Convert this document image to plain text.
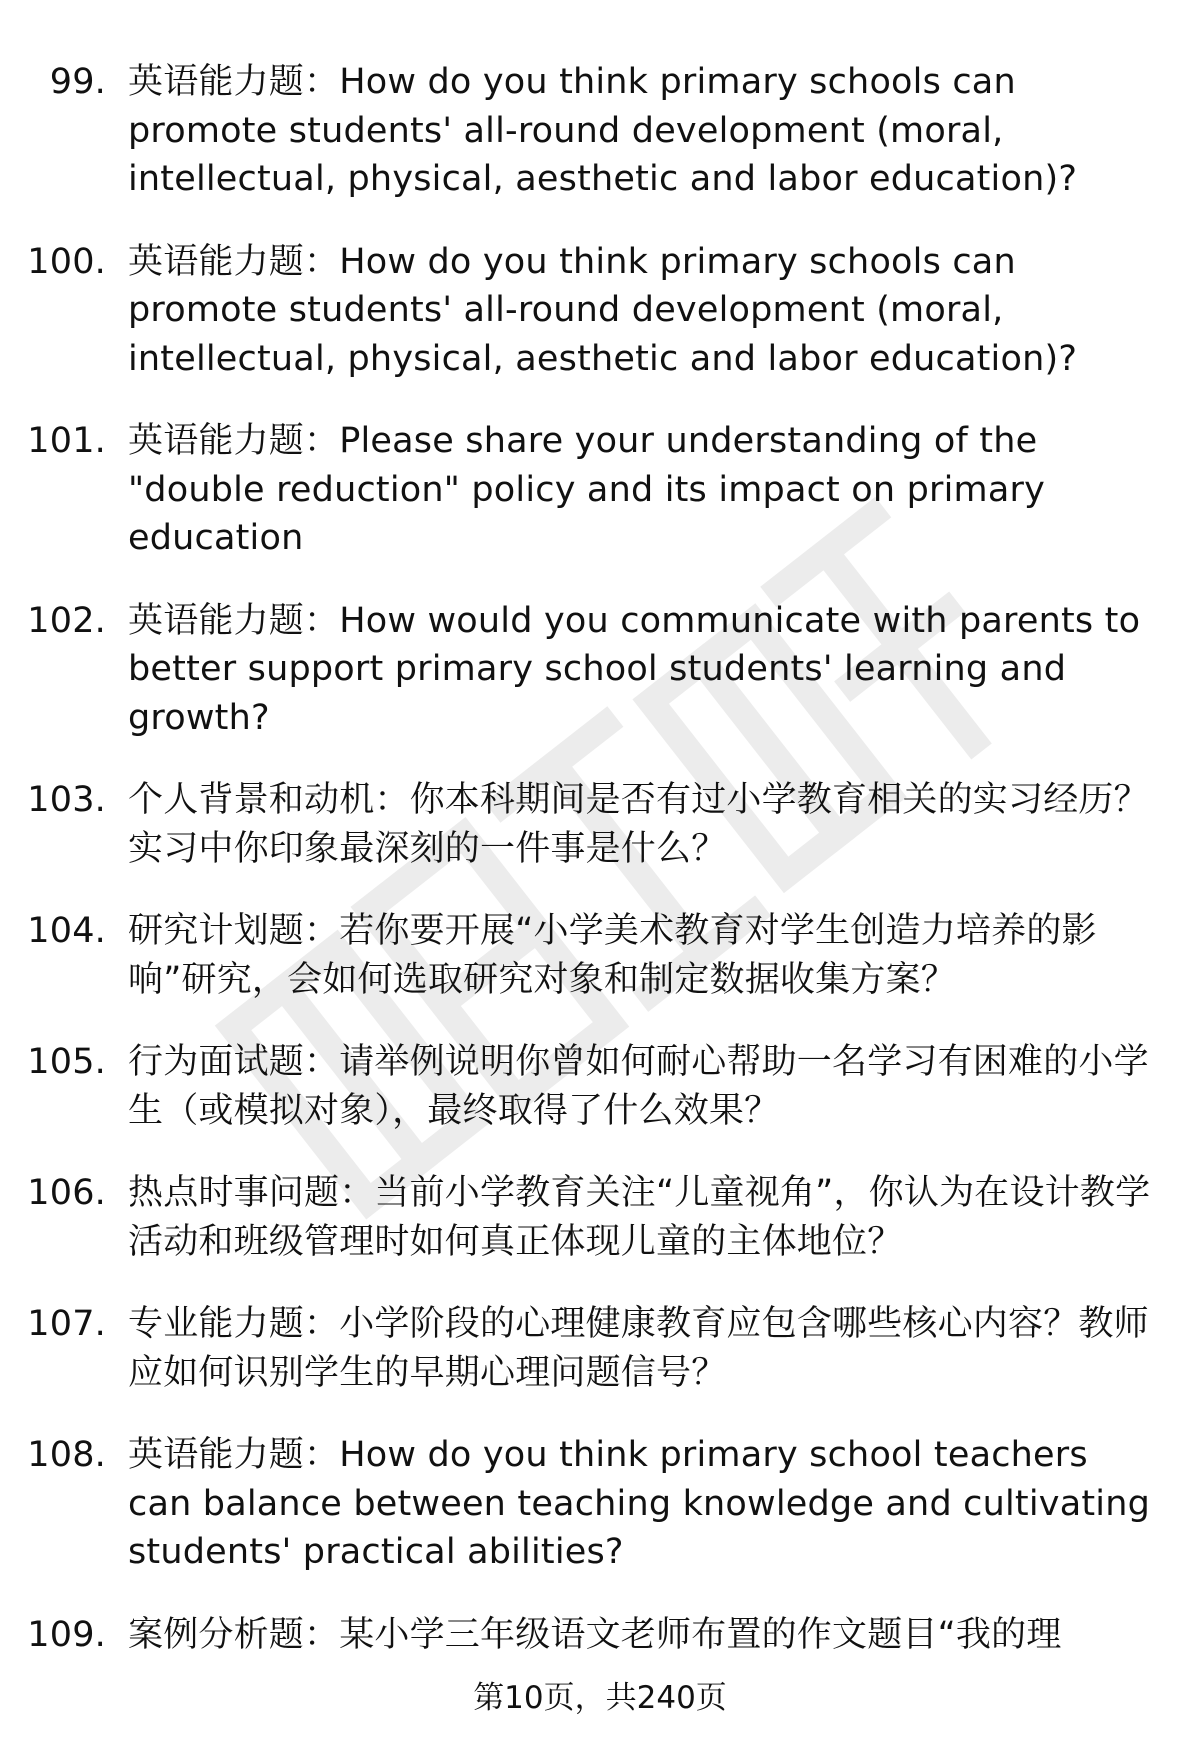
99. 英语能力题：How do you think primary schools can promote students' all-round development (moral, intellectual, physical, aesthetic and labor education)?
100. 英语能力题：How do you think primary schools can promote students' all-round development (moral, intellectual, physical, aesthetic and labor education)?
101. 英语能力题：Please share your understanding of the "double reduction" policy and its impact on primary education
102. 英语能力题：How would you communicate with parents to better support primary school students' learning and growth?
103. 个人背景和动机：你本科期间是否有过小学教育相关的实习经历？实习中你印象最深刻的一件事是什么？
104. 研究计划题：若你要开展“小学美术教育对学生创造力培养的影响”研究，会如何选取研究对象和制定数据收集方案？
105. 行为面试题：请举例说明你曾如何耐心帮助一名学习有困难的小学生（或模拟对象），最终取得了什么效果？
106. 热点时事问题：当前小学教育关注“儿童视角”，你认为在设计教学活动和班级管理时如何真正体现儿童的主体地位？
107. 专业能力题：小学阶段的心理健康教育应包含哪些核心内容？教师应如何识别学生的早期心理问题信号？
108. 英语能力题：How do you think primary school teachers can balance between teaching knowledge and cultivating students' practical abilities?
109. 案例分析题：某小学三年级语文老师布置的作文题目“我的理
第10页，共240页
